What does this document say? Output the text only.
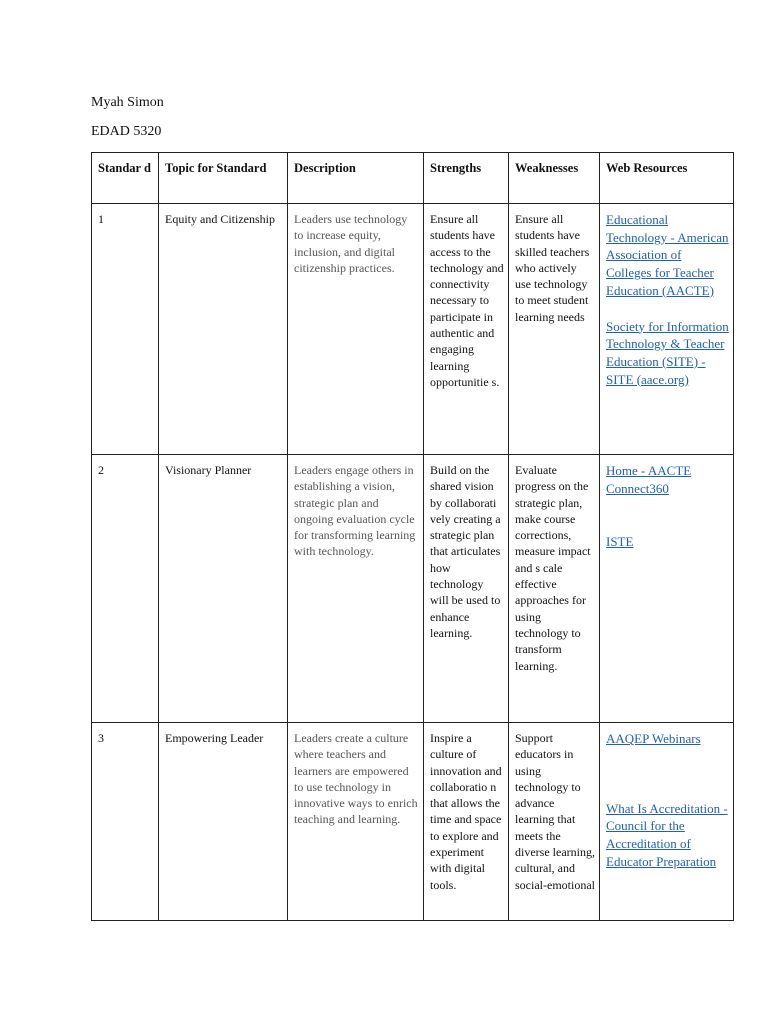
Myah Simon
EDAD 5320
Standar d	Topic for Standard	Description	Strengths	Weaknesses	Web Resources
1	Equity and Citizenship	Leaders use technology to increase equity, inclusion, and digital citizenship practices.	Ensure all students have access to the technology and connectivity necessary to participate in authentic and engaging learning opportunitie s.	Ensure all students have skilled teachers who actively use technology to meet student learning needs	Educational Technology - American Association of Colleges for Teacher Education (AACTE)
Society for Information Technology & Teacher Education (SITE) - SITE (aace.org)

2	Visionary Planner	Leaders engage others in establishing a vision, strategic plan and ongoing evaluation cycle for transforming learning with technology.	Build on the shared vision by collaborati vely creating a strategic plan that articulates how technology will be used to enhance learning.	Evaluate progress on the strategic plan, make course corrections, measure impact and s cale effective approaches for using technology to transform learning.	Home - AACTE Connect360
ISTE

3	Empowering Leader	Leaders create a culture where teachers and learners are empowered to use technology in innovative ways to enrich teaching and learning.	Inspire a culture of innovation and collaboratio n that allows the time and space to explore and experiment with digital tools.	Support educators in using technology to advance learning that meets the diverse learning, cultural, and social-emotional	AAQEP Webinars
What Is Accreditation - Council for the Accreditation of Educator Preparation
